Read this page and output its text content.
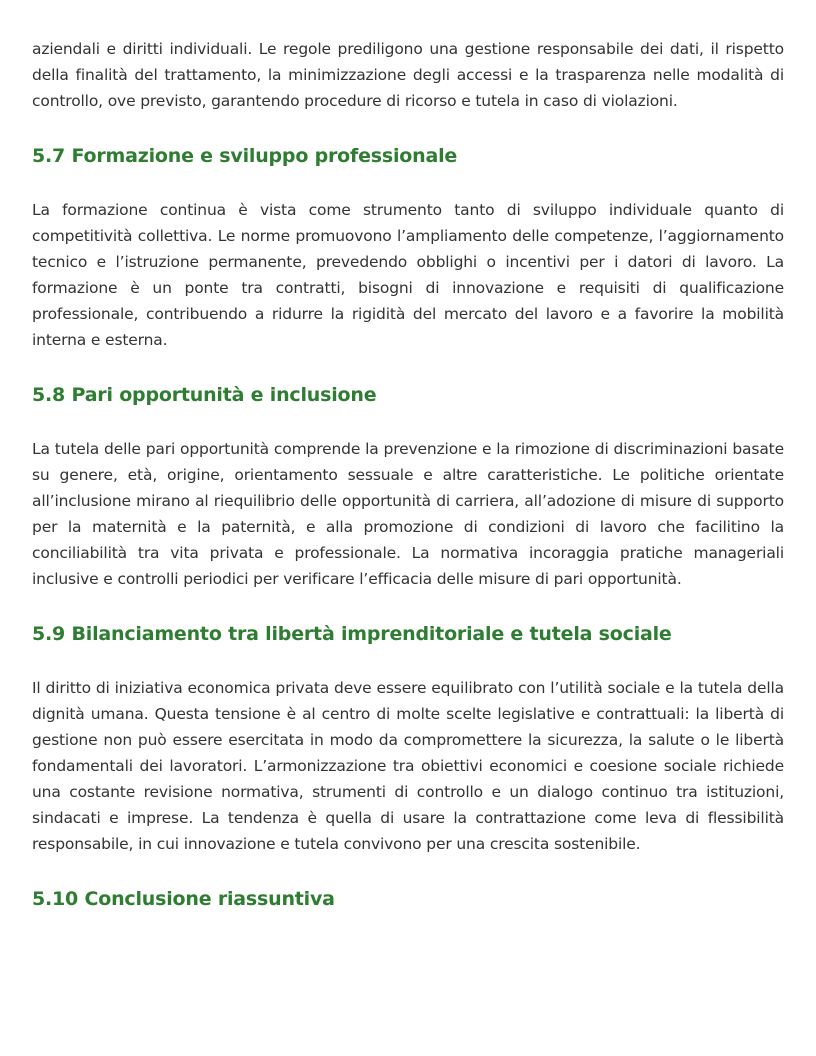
aziendali e diritti individuali. Le regole prediligono una gestione responsabile dei dati, il rispetto della finalità del trattamento, la minimizzazione degli accessi e la trasparenza nelle modalità di controllo, ove previsto, garantendo procedure di ricorso e tutela in caso di violazioni.

5.7 Formazione e sviluppo professionale

La formazione continua è vista come strumento tanto di sviluppo individuale quanto di competitività collettiva. Le norme promuovono l’ampliamento delle competenze, l’aggiornamento tecnico e l’istruzione permanente, prevedendo obblighi o incentivi per i datori di lavoro. La formazione è un ponte tra contratti, bisogni di innovazione e requisiti di qualificazione professionale, contribuendo a ridurre la rigidità del mercato del lavoro e a favorire la mobilità interna e esterna.

5.8 Pari opportunità e inclusione

La tutela delle pari opportunità comprende la prevenzione e la rimozione di discriminazioni basate su genere, età, origine, orientamento sessuale e altre caratteristiche. Le politiche orientate all’inclusione mirano al riequilibrio delle opportunità di carriera, all’adozione di misure di supporto per la maternità e la paternità, e alla promozione di condizioni di lavoro che facilitino la conciliabilità tra vita privata e professionale. La normativa incoraggia pratiche manageriali inclusive e controlli periodici per verificare l’efficacia delle misure di pari opportunità.

5.9 Bilanciamento tra libertà imprenditoriale e tutela sociale

Il diritto di iniziativa economica privata deve essere equilibrato con l’utilità sociale e la tutela della dignità umana. Questa tensione è al centro di molte scelte legislative e contrattuali: la libertà di gestione non può essere esercitata in modo da compromettere la sicurezza, la salute o le libertà fondamentali dei lavoratori. L’armonizzazione tra obiettivi economici e coesione sociale richiede una costante revisione normativa, strumenti di controllo e un dialogo continuo tra istituzioni, sindacati e imprese. La tendenza è quella di usare la contrattazione come leva di flessibilità responsabile, in cui innovazione e tutela convivono per una crescita sostenibile.

5.10 Conclusione riassuntiva
